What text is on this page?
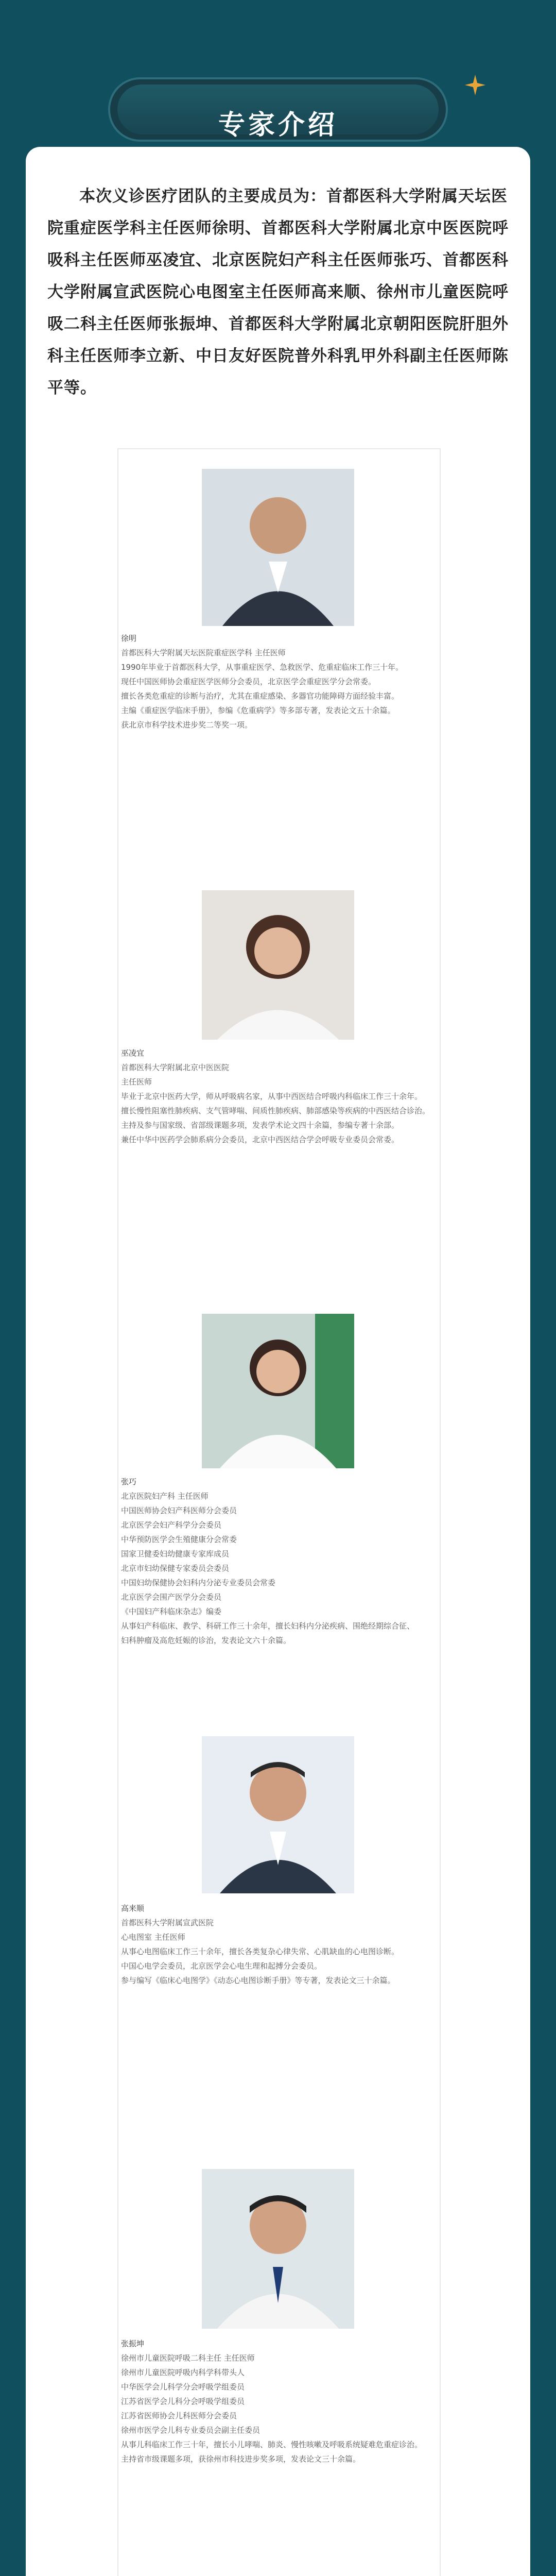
专家介绍
本次义诊医疗团队的主要成员为：首都医科大学附属天坛医院重症医学科主任医师徐明、首都医科大学附属北京中医医院呼吸科主任医师巫凌宜、北京医院妇产科主任医师张巧、首都医科大学附属宣武医院心电图室主任医师高来顺、徐州市儿童医院呼吸二科主任医师张振坤、首都医科大学附属北京朝阳医院肝胆外科主任医师李立新、中日友好医院普外科乳甲外科副主任医师陈平等。
徐明
首都医科大学附属天坛医院重症医学科 主任医师
1990年毕业于首都医科大学，从事重症医学、急救医学、危重症临床工作三十年。
现任中国医师协会重症医学医师分会委员，北京医学会重症医学分会常委。
擅长各类危重症的诊断与治疗，尤其在重症感染、多器官功能障碍方面经验丰富。
主编《重症医学临床手册》，参编《危重病学》等多部专著，发表论文五十余篇。
获北京市科学技术进步奖二等奖一项。
巫凌宜
首都医科大学附属北京中医医院
主任医师
毕业于北京中医药大学，师从呼吸病名家，从事中西医结合呼吸内科临床工作三十余年。
擅长慢性阻塞性肺疾病、支气管哮喘、间质性肺疾病、肺部感染等疾病的中西医结合诊治。
主持及参与国家级、省部级课题多项，发表学术论文四十余篇，参编专著十余部。
兼任中华中医药学会肺系病分会委员，北京中西医结合学会呼吸专业委员会常委。
张巧
北京医院妇产科 主任医师
中国医师协会妇产科医师分会委员
北京医学会妇产科学分会委员
中华预防医学会生殖健康分会常委
国家卫健委妇幼健康专家库成员
北京市妇幼保健专家委员会委员
中国妇幼保健协会妇科内分泌专业委员会常委
北京医学会围产医学分会委员
《中国妇产科临床杂志》编委
从事妇产科临床、教学、科研工作三十余年，擅长妇科内分泌疾病、围绝经期综合征、
妇科肿瘤及高危妊娠的诊治，发表论文六十余篇。
高来顺
首都医科大学附属宣武医院
心电图室 主任医师
从事心电图临床工作三十余年，擅长各类复杂心律失常、心肌缺血的心电图诊断。
中国心电学会委员，北京医学会心电生理和起搏分会委员。
参与编写《临床心电图学》《动态心电图诊断手册》等专著，发表论文三十余篇。
张振坤
徐州市儿童医院呼吸二科主任 主任医师
徐州市儿童医院呼吸内科学科带头人
中华医学会儿科学分会呼吸学组委员
江苏省医学会儿科分会呼吸学组委员
江苏省医师协会儿科医师分会委员
徐州市医学会儿科专业委员会副主任委员
从事儿科临床工作三十年，擅长小儿哮喘、肺炎、慢性咳嗽及呼吸系统疑难危重症诊治。
主持省市级课题多项，获徐州市科技进步奖多项，发表论文三十余篇。
